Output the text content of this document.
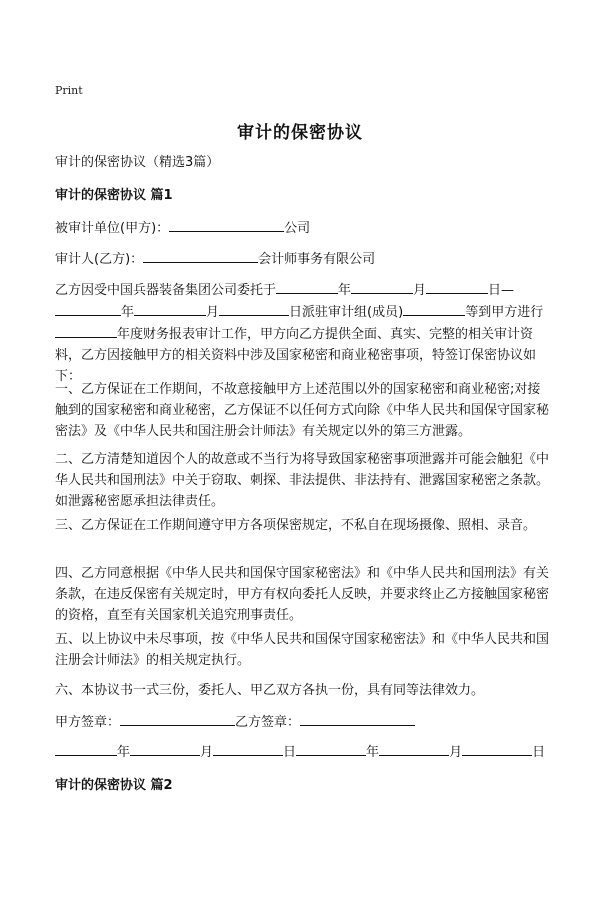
Print
审计的保密协议
审计的保密协议（精选3篇）
审计的保密协议 篇1
被审计单位(甲方)：	公司
审计人(乙方)：	会计师事务有限公司
乙方因受中国兵器装备集团公司委托于	年	月	日—年	月	日派驻审计组(成员)	等到甲方进行年度财务报表审计工作，甲方向乙方提供全面、真实、完整的相关审计资料，乙方因接触甲方的相关资料中涉及国家秘密和商业秘密事项，特签订保密协议如下：
一、乙方保证在工作期间，不故意接触甲方上述范围以外的国家秘密和商业秘密;对接触到的国家秘密和商业秘密，乙方保证不以任何方式向除《中华人民共和国保守国家秘密法》及《中华人民共和国注册会计师法》有关规定以外的第三方泄露。
二、乙方清楚知道因个人的故意或不当行为将导致国家秘密事项泄露并可能会触犯《中华人民共和国刑法》中关于窃取、刺探、非法提供、非法持有、泄露国家秘密之条款。如泄露秘密愿承担法律责任。
三、乙方保证在工作期间遵守甲方各项保密规定，不私自在现场摄像、照相、录音。
四、乙方同意根据《中华人民共和国保守国家秘密法》和《中华人民共和国刑法》有关条款，在违反保密有关规定时，甲方有权向委托人反映，并要求终止乙方接触国家秘密的资格，直至有关国家机关追究刑事责任。
五、以上协议中未尽事项，按《中华人民共和国保守国家秘密法》和《中华人民共和国注册会计师法》的相关规定执行。
六、本协议书一式三份，委托人、甲乙双方各执一份，具有同等法律效力。
甲方签章：	乙方签章：
年	月	日	年	月	日
审计的保密协议 篇2
